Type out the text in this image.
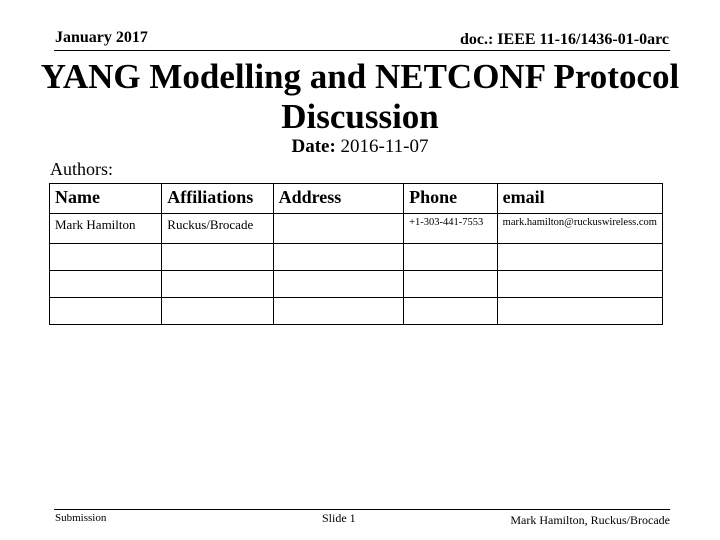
January 2017	doc.: IEEE 11-16/1436-01-0arc
YANG Modelling and NETCONF Protocol Discussion
Date: 2016-11-07
Authors:
Name	Affiliations	Address	Phone	email
Mark Hamilton	Ruckus/Brocade		+1-303-441-7553	mark.hamilton@ruckuswireless.com

Submission	Slide 1	Mark Hamilton, Ruckus/Brocade
